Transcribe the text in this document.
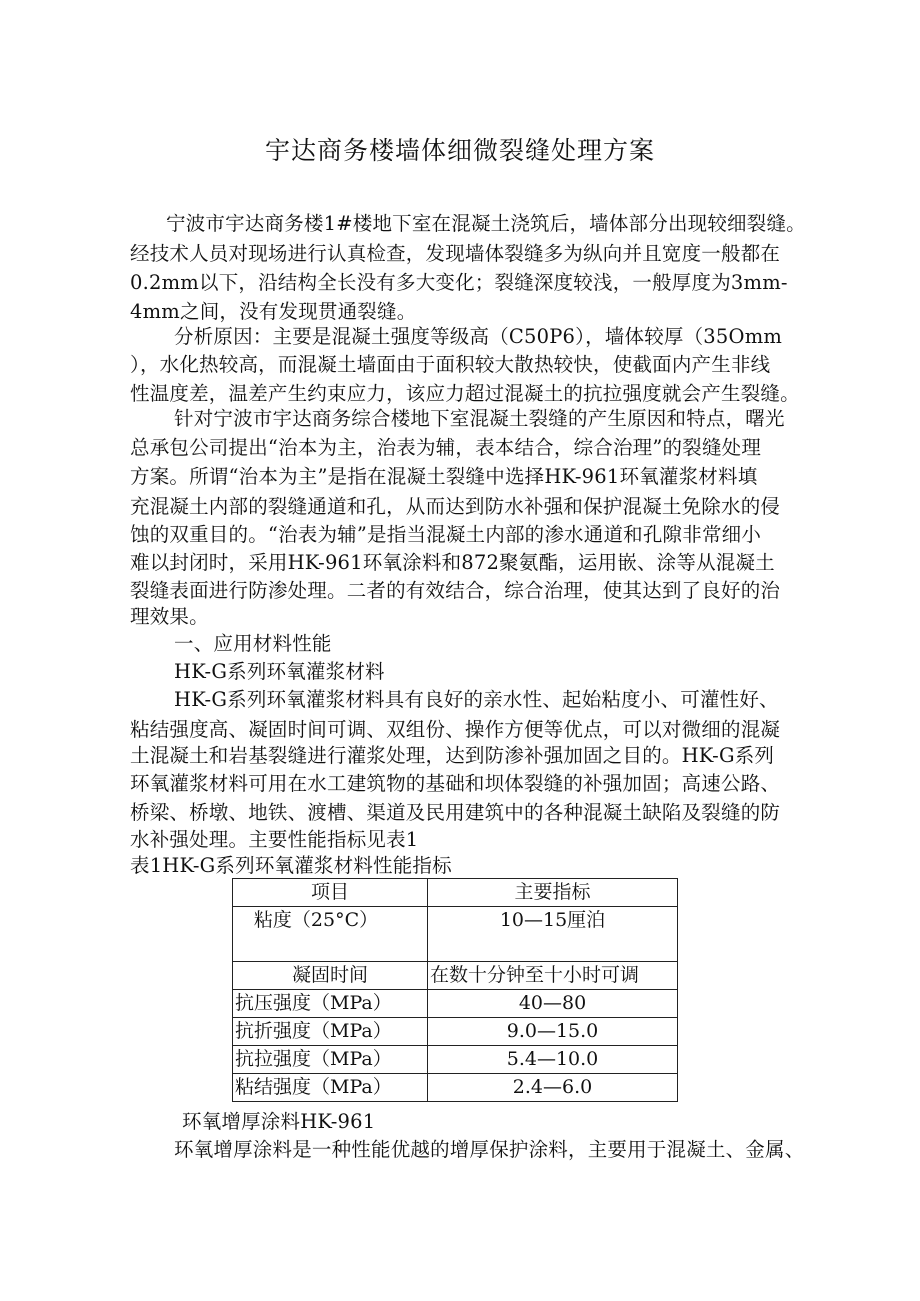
宇达商务楼墙体细微裂缝处理方案
宁波市宇达商务楼1#楼地下室在混凝土浇筑后，墙体部分出现较细裂缝。
经技术人员对现场进行认真检查，发现墙体裂缝多为纵向并且宽度一般都在
0.2mm以下，沿结构全长没有多大变化；裂缝深度较浅，一般厚度为3mm-
4mm之间，没有发现贯通裂缝。
分析原因：主要是混凝土强度等级高（C50P6），墙体较厚（35Omm
），水化热较高，而混凝土墙面由于面积较大散热较快，使截面内产生非线
性温度差，温差产生约束应力，该应力超过混凝土的抗拉强度就会产生裂缝。
针对宁波市宇达商务综合楼地下室混凝土裂缝的产生原因和特点，曙光
总承包公司提出“治本为主，治表为辅，表本结合，综合治理”的裂缝处理
方案。所谓“治本为主”是指在混凝土裂缝中选择HK-961环氧灌浆材料填
充混凝土内部的裂缝通道和孔，从而达到防水补强和保护混凝土免除水的侵
蚀的双重目的。“治表为辅”是指当混凝土内部的渗水通道和孔隙非常细小
难以封闭时，采用HK-961环氧涂料和872聚氨酯，运用嵌、涂等从混凝土
裂缝表面进行防渗处理。二者的有效结合，综合治理，使其达到了良好的治
理效果。
一、应用材料性能
HK-G系列环氧灌浆材料
HK-G系列环氧灌浆材料具有良好的亲水性、起始粘度小、可灌性好、
粘结强度高、凝固时间可调、双组份、操作方便等优点，可以对微细的混凝
土混凝土和岩基裂缝进行灌浆处理，达到防渗补强加固之目的。HK-G系列
环氧灌浆材料可用在水工建筑物的基础和坝体裂缝的补强加固；高速公路、
桥梁、桥墩、地铁、渡槽、渠道及民用建筑中的各种混凝土缺陷及裂缝的防
水补强处理。主要性能指标见表1
表1HK-G系列环氧灌浆材料性能指标
项目	主要指标
粘度（25°C）	10—15厘泊
凝固时间	在数十分钟至十小时可调
抗压强度（MPa）	40—80
抗折强度（MPa）	9.0—15.0
抗拉强度（MPa）	5.4—10.0
粘结强度（MPa）	2.4—6.0
环氧增厚涂料HK-961
环氧增厚涂料是一种性能优越的增厚保护涂料，主要用于混凝土、金属、
